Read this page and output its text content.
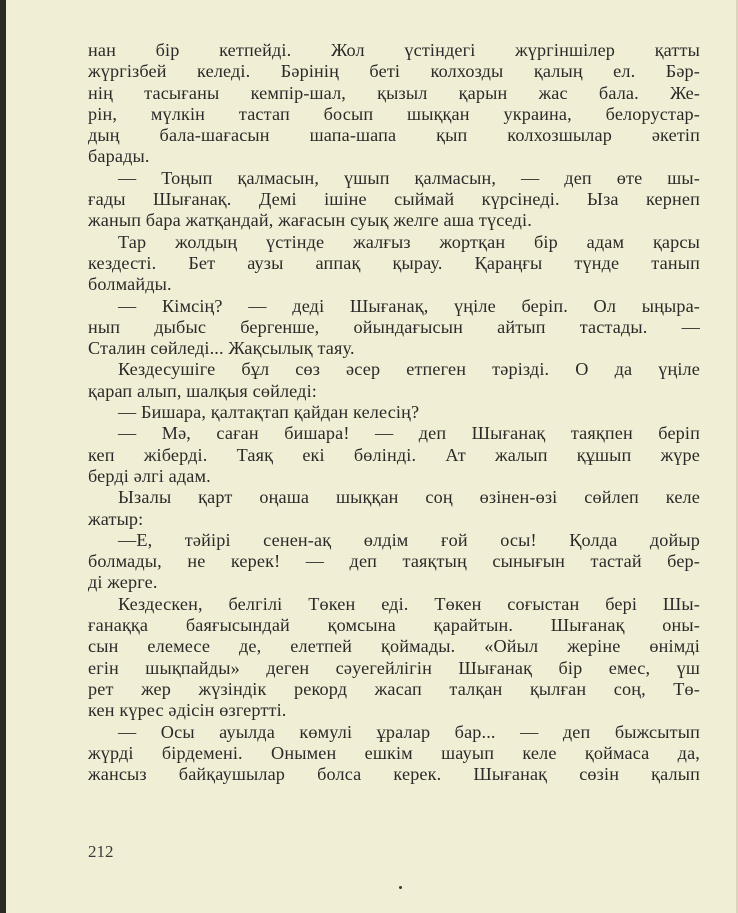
нан бір кетпейді. Жол үстіндегі жүргіншілер қатты
жүргізбей келеді. Бәрінің беті колхозды қалың ел. Бәр-
нің тасығаны кемпір-шал, қызыл қарын жас бала. Же-
рін, мүлкін тастап босып шыққан украина, белорустар-
дың бала-шағасын шапа-шапа қып колхозшылар әкетіп
барады.
— Тоңып қалмасын, үшып қалмасын, — деп өте шы-
ғады Шығанақ. Демі ішіне сыймай күрсінеді. Ызa кернеп
жанып бара жатқандай, жағасын суық желге аша түседі.
Тар жолдың үстінде жалғыз жортқан бір адам қарсы
кездесті. Бет аузы аппақ қырау. Қараңғы түнде танып
болмайды.
— Кімсің? — деді Шығанақ, үңіле беріп. Ол ыңыра-
нып дыбыс бергенше, ойындағысын айтып тастады. —
Сталин сөйледі... Жақсылық таяу.
Кездесушіге бұл сөз әсер етпеген тәрізді. О да үңіле
қарап алып, шалқыя сөйледі:
— Бишара, қалтақтап қайдан келесің?
— Мә, саған бишара! — деп Шығанақ таяқпен беріп
кеп жіберді. Таяқ екі бөлінді. Ат жалып құшып жүре
берді әлгі адам.
Ызалы қарт оңаша шыққан соң өзінен-өзі сөйлеп келе
жатыр:
—Е, тәйірі сенен-ақ өлдім ғой осы! Қолда дойыр
болмады, не керек! — деп таяқтың сынығын тастай бер-
ді жерге.
Кездескен, белгілі Төкен еді. Төкен соғыстан бері Шы-
ғанаққа баяғысындай қомсына қарайтын. Шығанақ оны-
сын елемесе де, елетпей қоймады. «Ойыл жеріне өнімді
егін шықпайды» деген сәуегейлігін Шығанақ бір емес, үш
рет жер жүзіндік рекорд жасап талқан қылған соң, Тө-
кен күрес әдісін өзгертті.
— Осы ауылда көмулі ұралар бар... — деп быжсытып
жүрді бірдемені. Онымен ешкім шауып келе қоймаса да,
жансыз байқаушылар болса керек. Шығанақ сөзін қалып
212
